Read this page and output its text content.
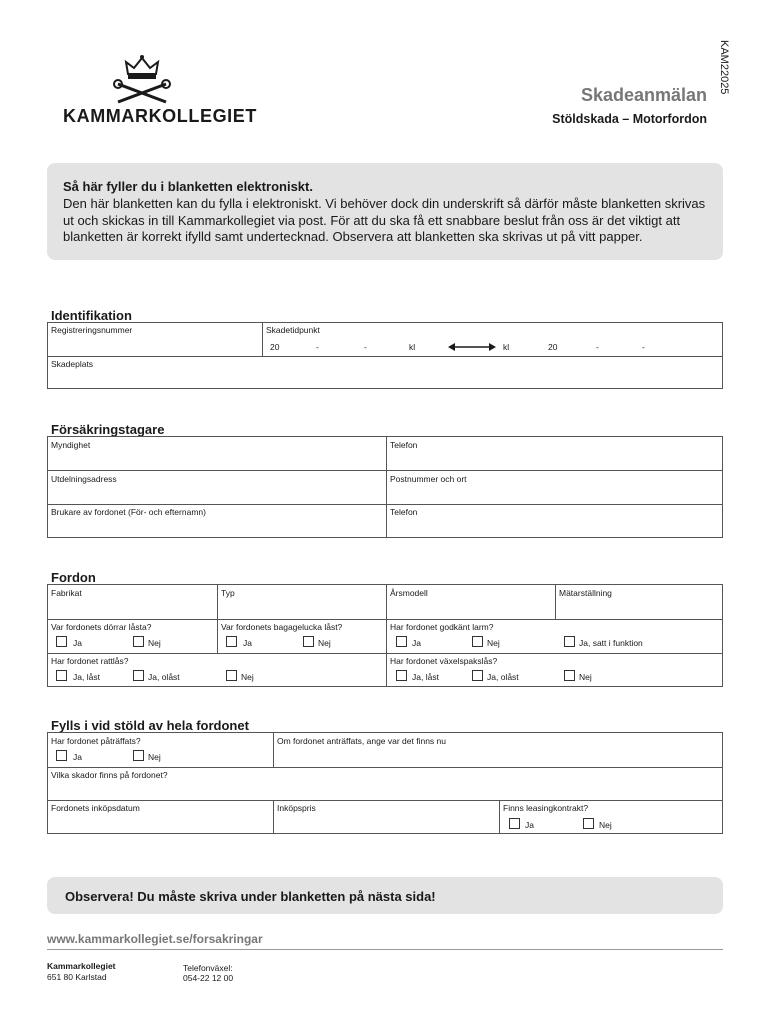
KAM22025
KAMMARKOLLEGIET
Skadeanmälan
Stöldskada – Motorfordon
Så här fyller du i blanketten elektroniskt.
Den här blanketten kan du fylla i elektroniskt. Vi behöver dock din underskrift så därför måste blanketten skrivas ut och skickas in till Kammarkollegiet via post. För att du ska få ett snabbare beslut från oss är det viktigt att blanketten är korrekt ifylld samt undertecknad. Observera att blanketten ska skrivas ut på vitt papper.
Identifikation
Registreringsnummer	Skadetidpunkt
20	-	-	kl	kl	20	-	-
Skadeplats
Försäkringstagare
Myndighet	Telefon
Utdelningsadress	Postnummer och ort
Brukare av fordonet (För- och efternamn)	Telefon
Fordon
Fabrikat	Typ	Årsmodell	Mätarställning
Var fordonets dörrar låsta?
Ja	Nej
Var fordonets bagagelucka låst?
Ja	Nej
Har fordonet godkänt larm?
Ja	Nej	Ja, satt i funktion
Har fordonet rattlås?
Ja, låst	Ja, olåst	Nej
Har fordonet växelspakslås?
Ja, låst	Ja, olåst	Nej
Fylls i vid stöld av hela fordonet
Har fordonet påträffats?
Ja	Nej
Om fordonet anträffats, ange var det finns nu
Vilka skador finns på fordonet?
Fordonets inköpsdatum	Inköpspris	Finns leasingkontrakt?
Ja	Nej
Observera! Du måste skriva under blanketten på nästa sida!
www.kammarkollegiet.se/forsakringar
Kammarkollegiet
651 80 Karlstad
Telefonväxel:
054-22 12 00
